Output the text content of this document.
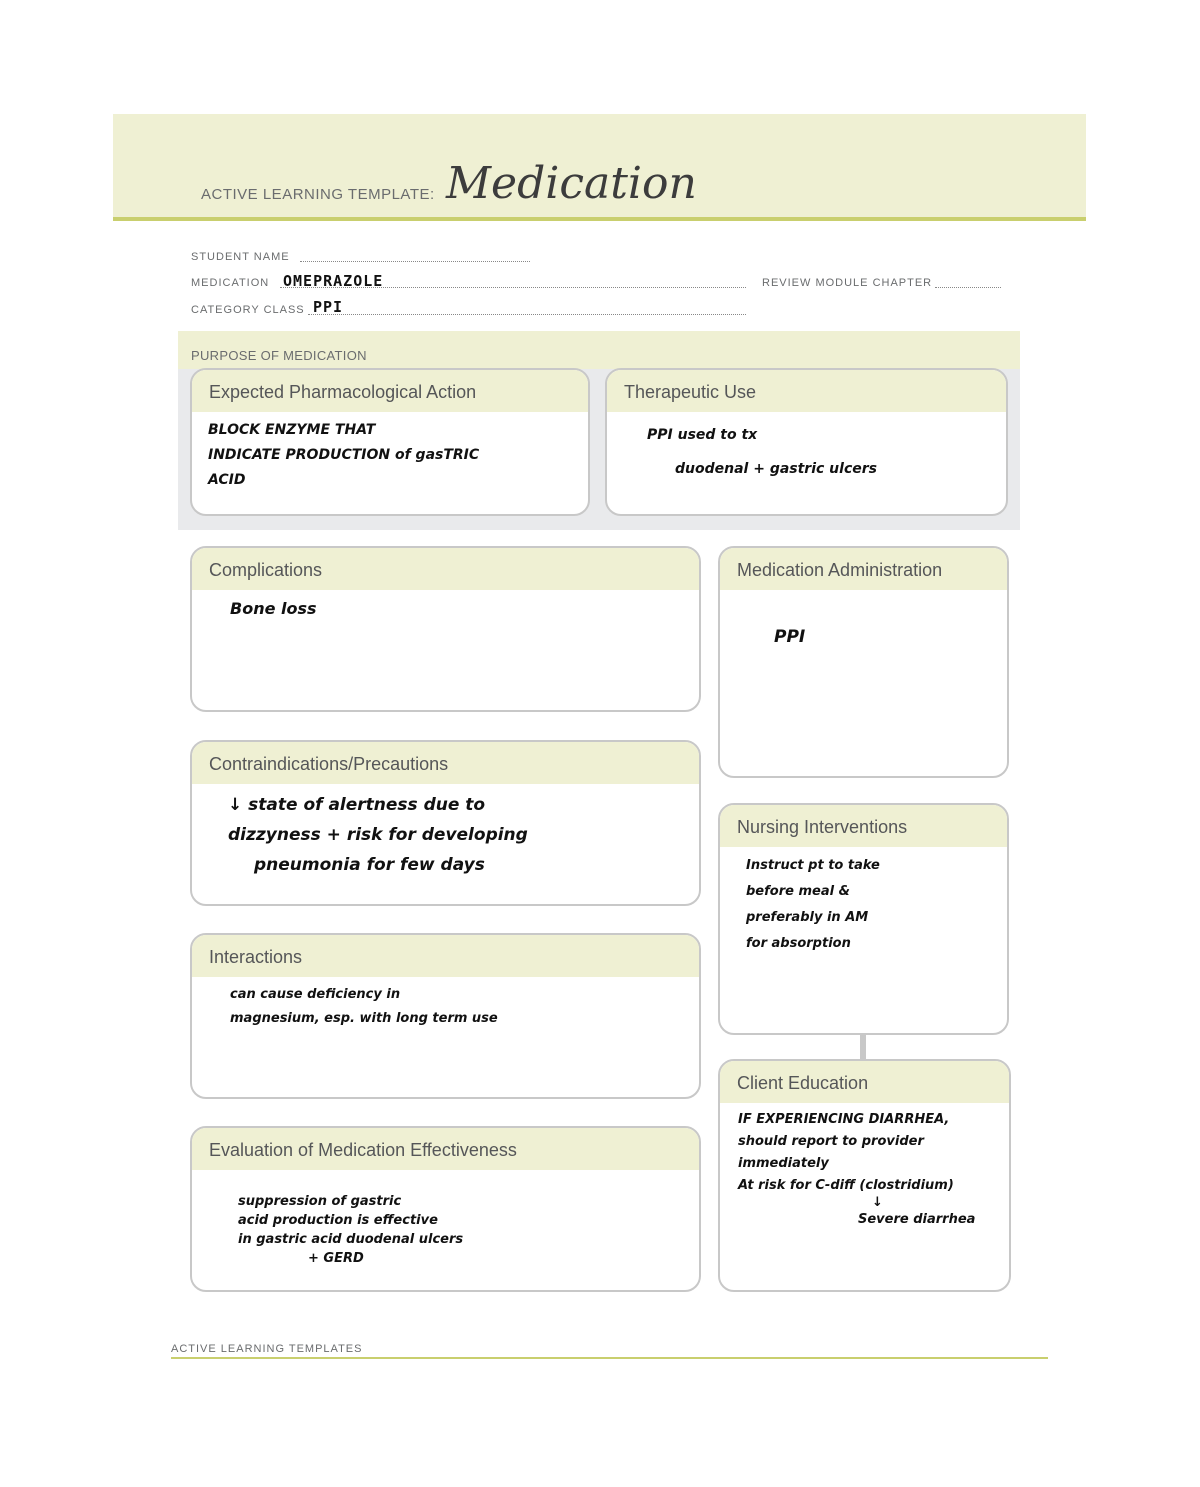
ACTIVE LEARNING TEMPLATE: Medication
STUDENT NAME
MEDICATION OMEPRAZOLE	REVIEW MODULE CHAPTER
CATEGORY CLASS PPI
PURPOSE OF MEDICATION
Expected Pharmacological Action
BLOCK ENZYME THAT
INDICATE PRODUCTION of gasTRIC
ACID
Therapeutic Use
PPI used to tx
duodenal + gastric ulcers
Complications
Bone loss
Contraindications/Precautions
↓ state of alertness due to
dizzyness + risk for developing
pneumonia for few days
Interactions
can cause deficiency in
magnesium, esp. with long term use
Evaluation of Medication Effectiveness
suppression of gastric
acid production is effective
in gastric acid duodenal ulcers
+ GERD
Medication Administration
PPI
Nursing Interventions
Instruct pt to take
before meal &
preferably in AM
for absorption
Client Education
IF EXPERIENCING DIARRHEA,
should report to provider
immediately
At risk for C-diff (clostridium)
↓
Severe diarrhea
ACTIVE LEARNING TEMPLATES
